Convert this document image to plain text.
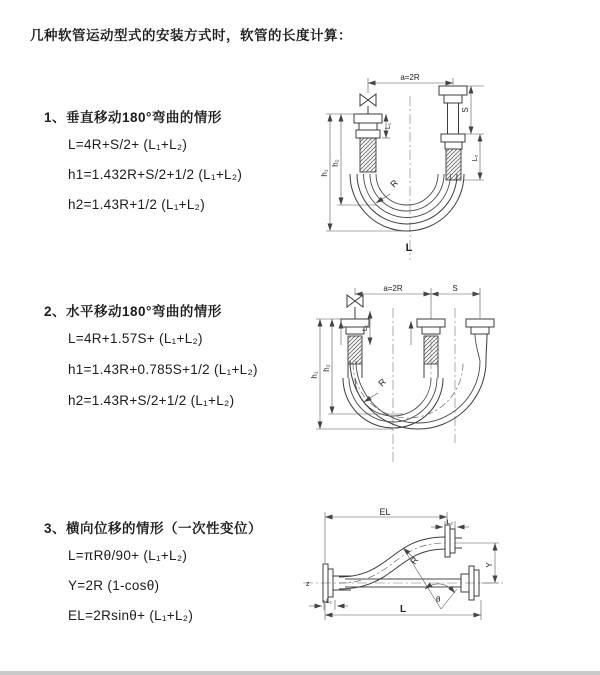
几种软管运动型式的安装方式时，软管的长度计算：
1、垂直移动180°弯曲的情形
L=4R+S/2+ (L₁+L₂)
h1=1.432R+S/2+1/2 (L₁+L₂)
h2=1.43R+1/2 (L₁+L₂)
R
L
a=2R
h₁
h₂
L₁
S
L₂
2、水平移动180°弯曲的情形
L=4R+1.57S+ (L₁+L₂)
h1=1.43R+0.785S+1/2 (L₁+L₂)
h2=1.43R+S/2+1/2 (L₁+L₂)
R
a=2R	S
h₁
h₂
L₁
3、横向位移的情形（一次性变位）
L=πRθ/90+ (L₁+L₂)
Y=2R (1-cosθ)
EL=2Rsinθ+ (L₁+L₂)
z
θ
R
EL
L₂
Y
L
L₁
